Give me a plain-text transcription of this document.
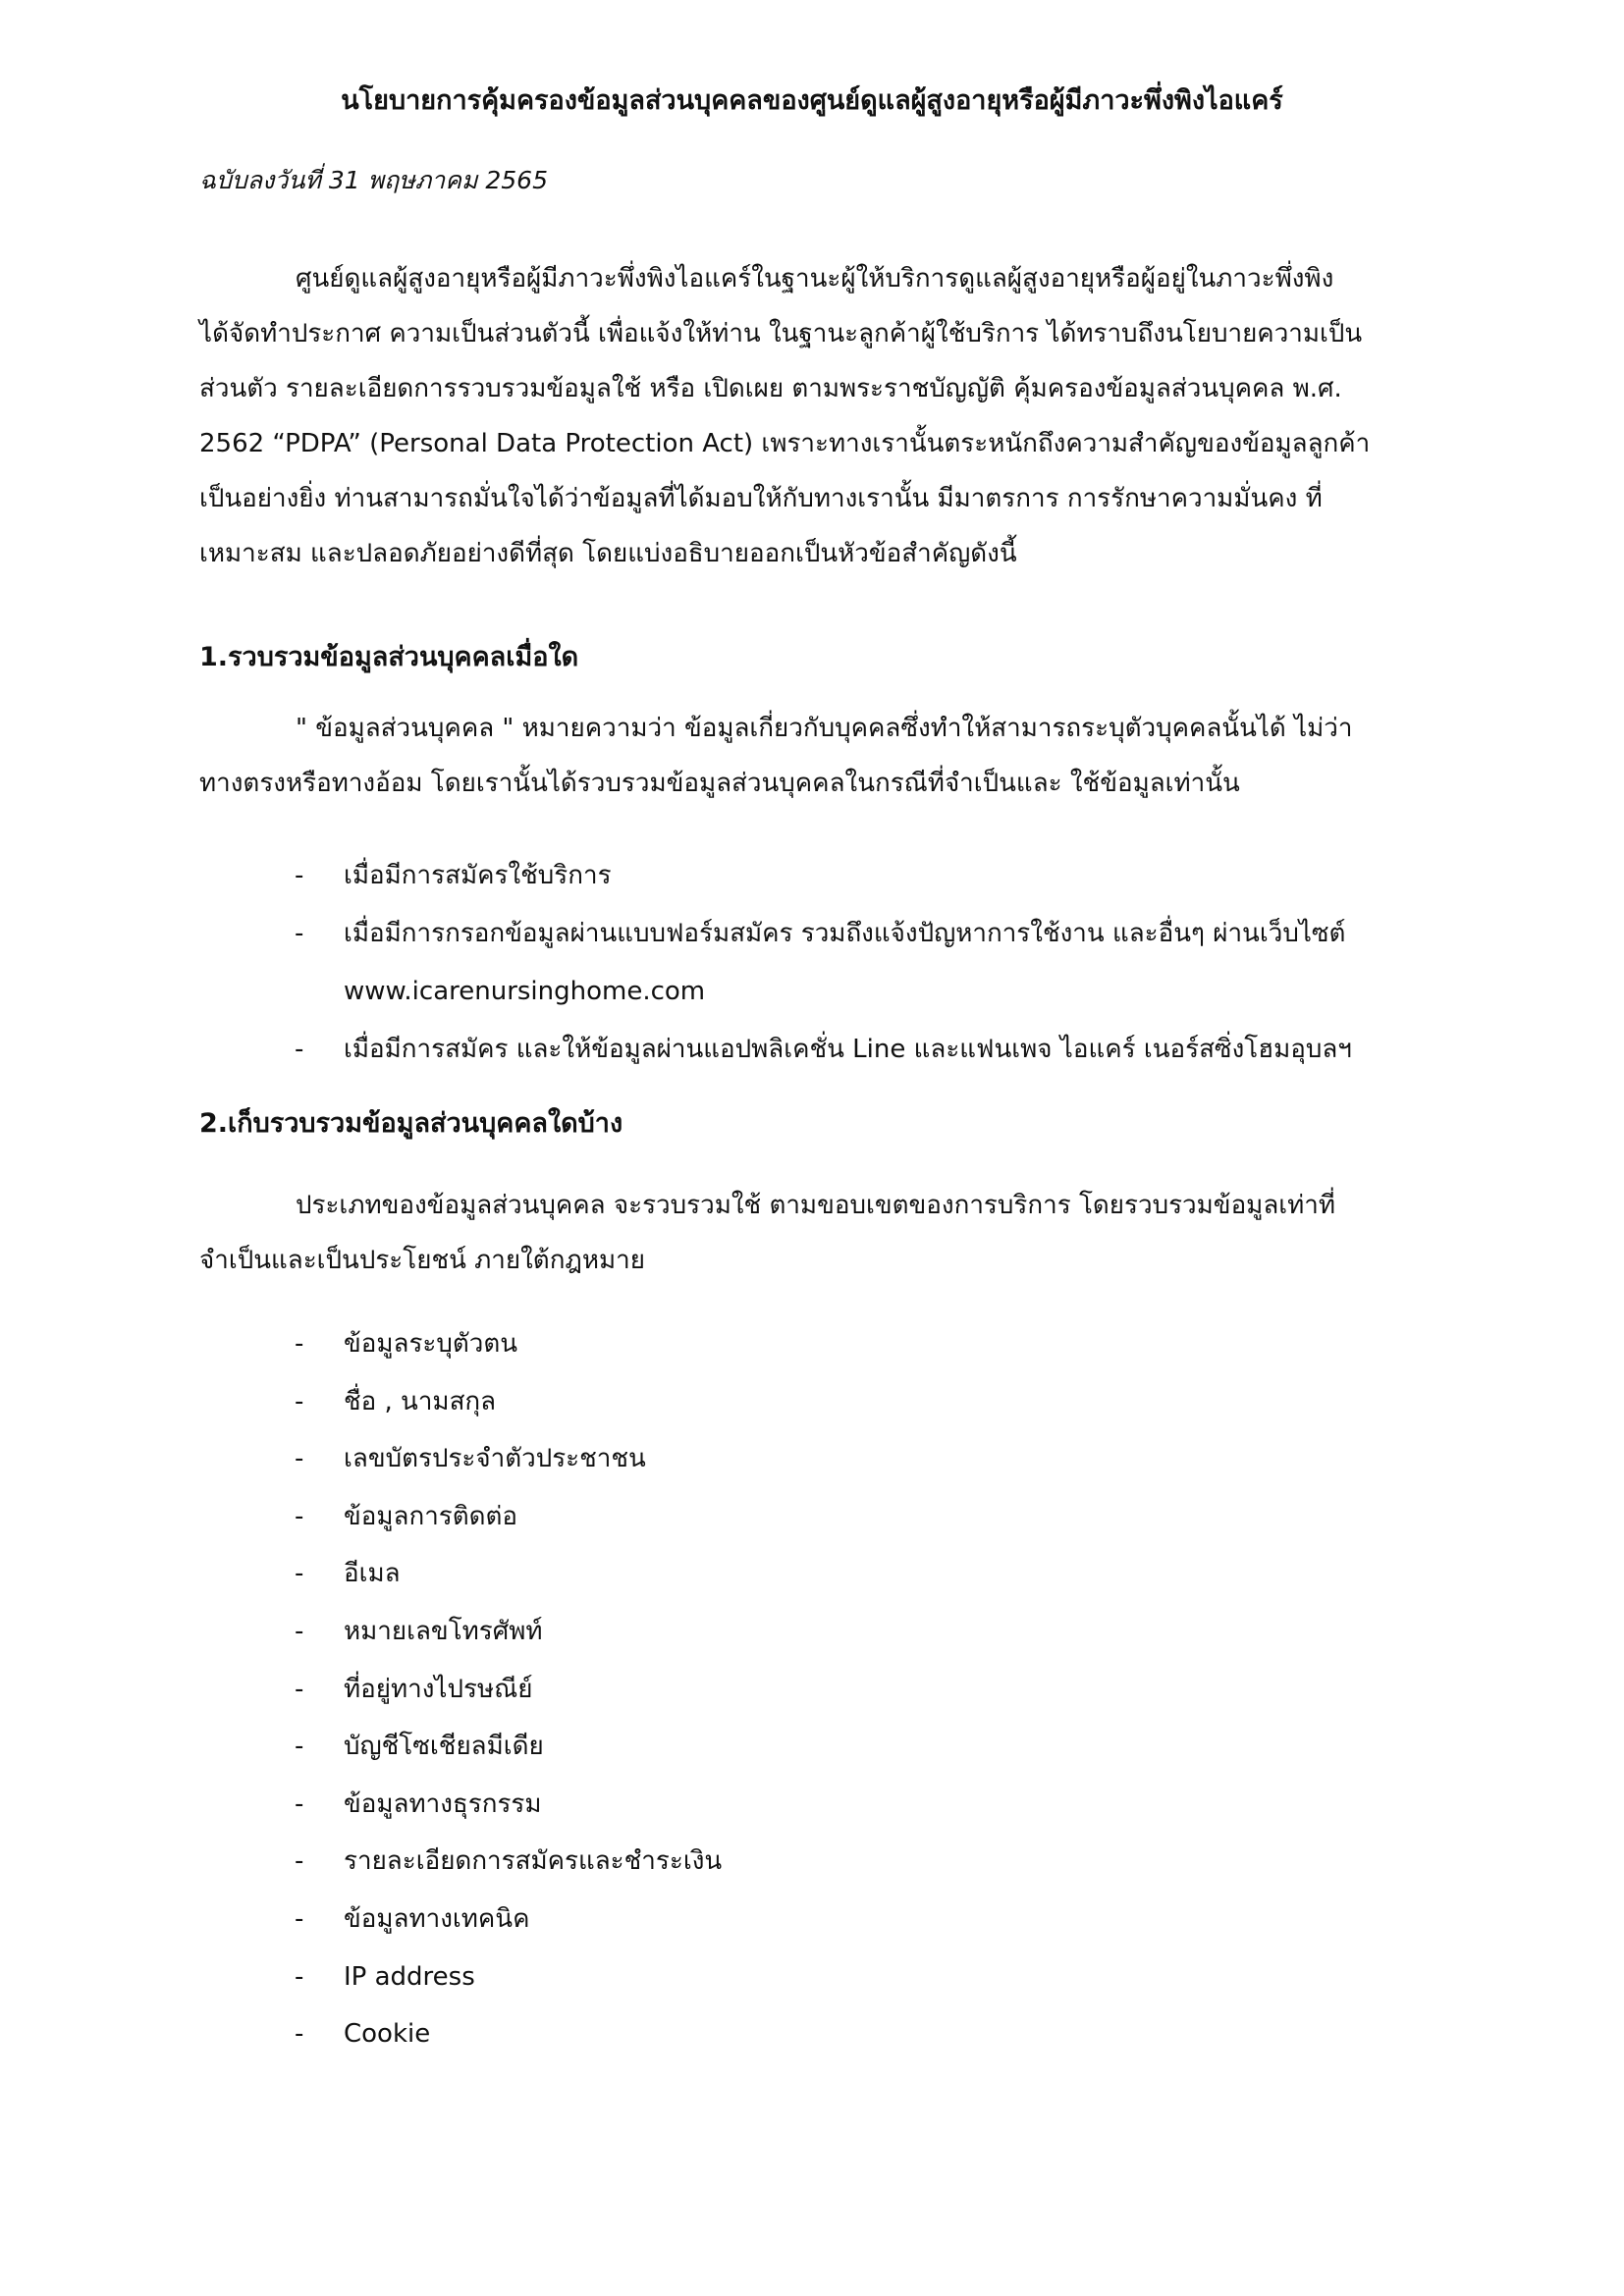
นโยบายการคุ้มครองข้อมูลส่วนบุคคลของศูนย์ดูแลผู้สูงอายุหรือผู้มีภาวะพึ่งพิงไอแคร์
ฉบับลงวันที่ 31 พฤษภาคม 2565
ศูนย์ดูแลผู้สูงอายุหรือผู้มีภาวะพึ่งพิงไอแคร์ในฐานะผู้ให้บริการดูแลผู้สูงอายุหรือผู้อยู่ในภาวะพึ่งพิง
ได้จัดทำประกาศ ความเป็นส่วนตัวนี้ เพื่อแจ้งให้ท่าน ในฐานะลูกค้าผู้ใช้บริการ ได้ทราบถึงนโยบายความเป็น
ส่วนตัว รายละเอียดการรวบรวมข้อมูลใช้ หรือ เปิดเผย ตามพระราชบัญญัติ คุ้มครองข้อมูลส่วนบุคคล พ.ศ.
2562 “PDPA” (Personal Data Protection Act) เพราะทางเรานั้นตระหนักถึงความสำคัญของข้อมูลลูกค้า
เป็นอย่างยิ่ง ท่านสามารถมั่นใจได้ว่าข้อมูลที่ได้มอบให้กับทางเรานั้น มีมาตรการ การรักษาความมั่นคง ที่
เหมาะสม และปลอดภัยอย่างดีที่สุด โดยแบ่งอธิบายออกเป็นหัวข้อสำคัญดังนี้
1.รวบรวมข้อมูลส่วนบุคคลเมื่อใด
" ข้อมูลส่วนบุคคล " หมายความว่า ข้อมูลเกี่ยวกับบุคคลซึ่งทำให้สามารถระบุตัวบุคคลนั้นได้ ไม่ว่า
ทางตรงหรือทางอ้อม โดยเรานั้นได้รวบรวมข้อมูลส่วนบุคคลในกรณีที่จำเป็นและ ใช้ข้อมูลเท่านั้น
- เมื่อมีการสมัครใช้บริการ
- เมื่อมีการกรอกข้อมูลผ่านแบบฟอร์มสมัคร รวมถึงแจ้งปัญหาการใช้งาน และอื่นๆ ผ่านเว็บไซต์
www.icarenursinghome.com
- เมื่อมีการสมัคร และให้ข้อมูลผ่านแอปพลิเคชั่น Line และแฟนเพจ ไอแคร์ เนอร์สซิ่งโฮมอุบลฯ
2.เก็บรวบรวมข้อมูลส่วนบุคคลใดบ้าง
ประเภทของข้อมูลส่วนบุคคล จะรวบรวมใช้ ตามขอบเขตของการบริการ โดยรวบรวมข้อมูลเท่าที่
จำเป็นและเป็นประโยชน์ ภายใต้กฎหมาย
- ข้อมูลระบุตัวตน
- ชื่อ , นามสกุล
- เลขบัตรประจำตัวประชาชน
- ข้อมูลการติดต่อ
- อีเมล
- หมายเลขโทรศัพท์
- ที่อยู่ทางไปรษณีย์
- บัญชีโซเชียลมีเดีย
- ข้อมูลทางธุรกรรม
- รายละเอียดการสมัครและชำระเงิน
- ข้อมูลทางเทคนิค
- IP address
- Cookie
